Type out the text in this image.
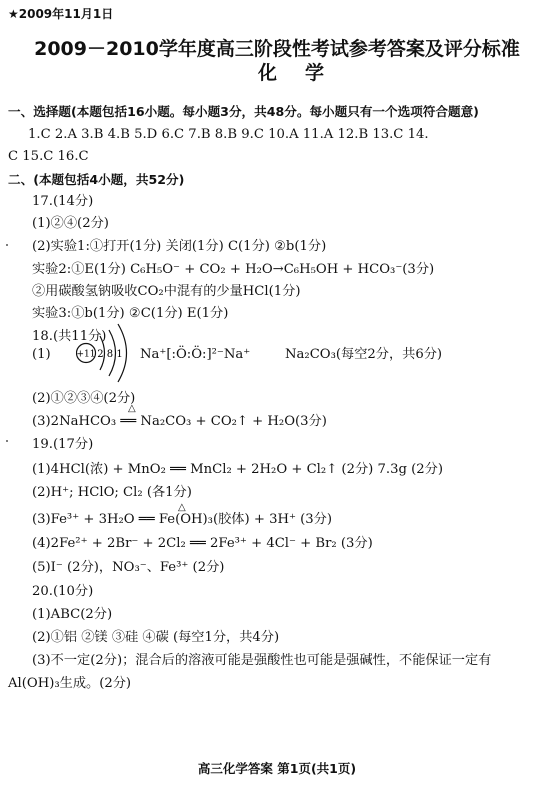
★2009年11月1日
2009－2010学年度高三阶段性考试参考答案及评分标准
化学
一、选择题(本题包括16小题。每小题3分，共48分。每小题只有一个选项符合题意)
1.C 2.A 3.B 4.B 5.D 6.C 7.B 8.B 9.C 10.A 11.A 12.B 13.C 14.
C 15.C 16.C
二、(本题包括4小题，共52分)
17.(14分)
(1)②④(2分)
(2)实验1:①打开(1分) 关闭(1分) C(1分) ②b(1分)
实验2:①E(1分) C₆H₅O⁻ + CO₂ + H₂O→C₆H₅OH + HCO₃⁻(3分)
②用碳酸氢钠吸收CO₂中混有的少量HCl(1分)
实验3:①b(1分) ②C(1分) E(1分)
18.(共11分)
(1)	+11 2 8 1 Na⁺[:Ö:Ö:]²⁻Na⁺	Na₂CO₃(每空2分，共6分)
(2)①②③④(2分)
△
(3)2NaHCO₃ ══ Na₂CO₃ + CO₂↑ + H₂O(3分)
19.(17分)
(1)4HCl(浓) + MnO₂ ══ MnCl₂ + 2H₂O + Cl₂↑ (2分) 7.3g (2分)
(2)H⁺; HClO; Cl₂ (各1分)
△
(3)Fe³⁺ + 3H₂O ══ Fe(OH)₃(胶体) + 3H⁺ (3分)
(4)2Fe²⁺ + 2Br⁻ + 2Cl₂ ══ 2Fe³⁺ + 4Cl⁻ + Br₂ (3分)
(5)I⁻ (2分)，NO₃⁻、Fe³⁺ (2分)
20.(10分)
(1)ABC(2分)
(2)①铝 ②镁 ③硅 ④碳 (每空1分，共4分)
(3)不一定(2分)；混合后的溶液可能是强酸性也可能是强碱性，不能保证一定有
Al(OH)₃生成。(2分)
高三化学答案 第1页(共1页)
